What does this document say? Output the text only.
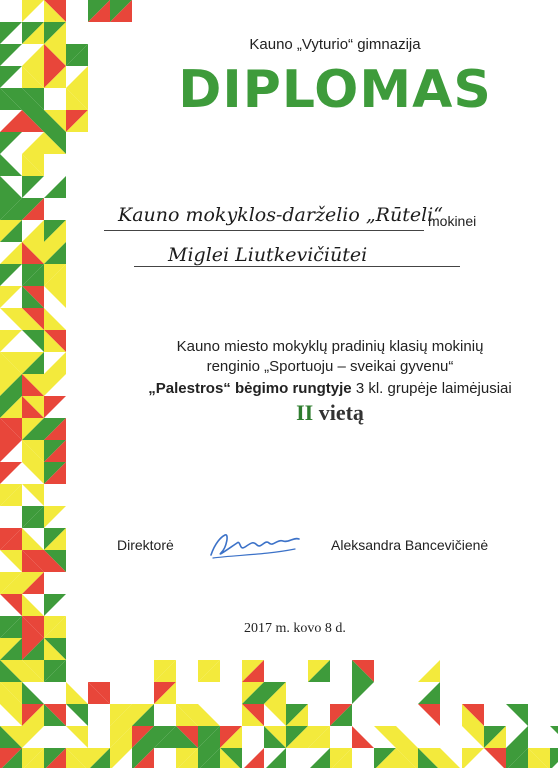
Kauno „Vyturio“ gimnazija
DIPLOMAS
Kauno mokyklos-darželio „Rūteli“
mokinei
Miglei Liutkevičiūtei
Kauno miesto mokyklų pradinių klasių mokinių
renginio „Sportuoju – sveikai gyvenu“
„Palestros“ bėgimo rungtyje 3 kl. grupėje laimėjusiai
II vietą
Direktorė	Aleksandra Bancevičienė
2017 m. kovo 8 d.
